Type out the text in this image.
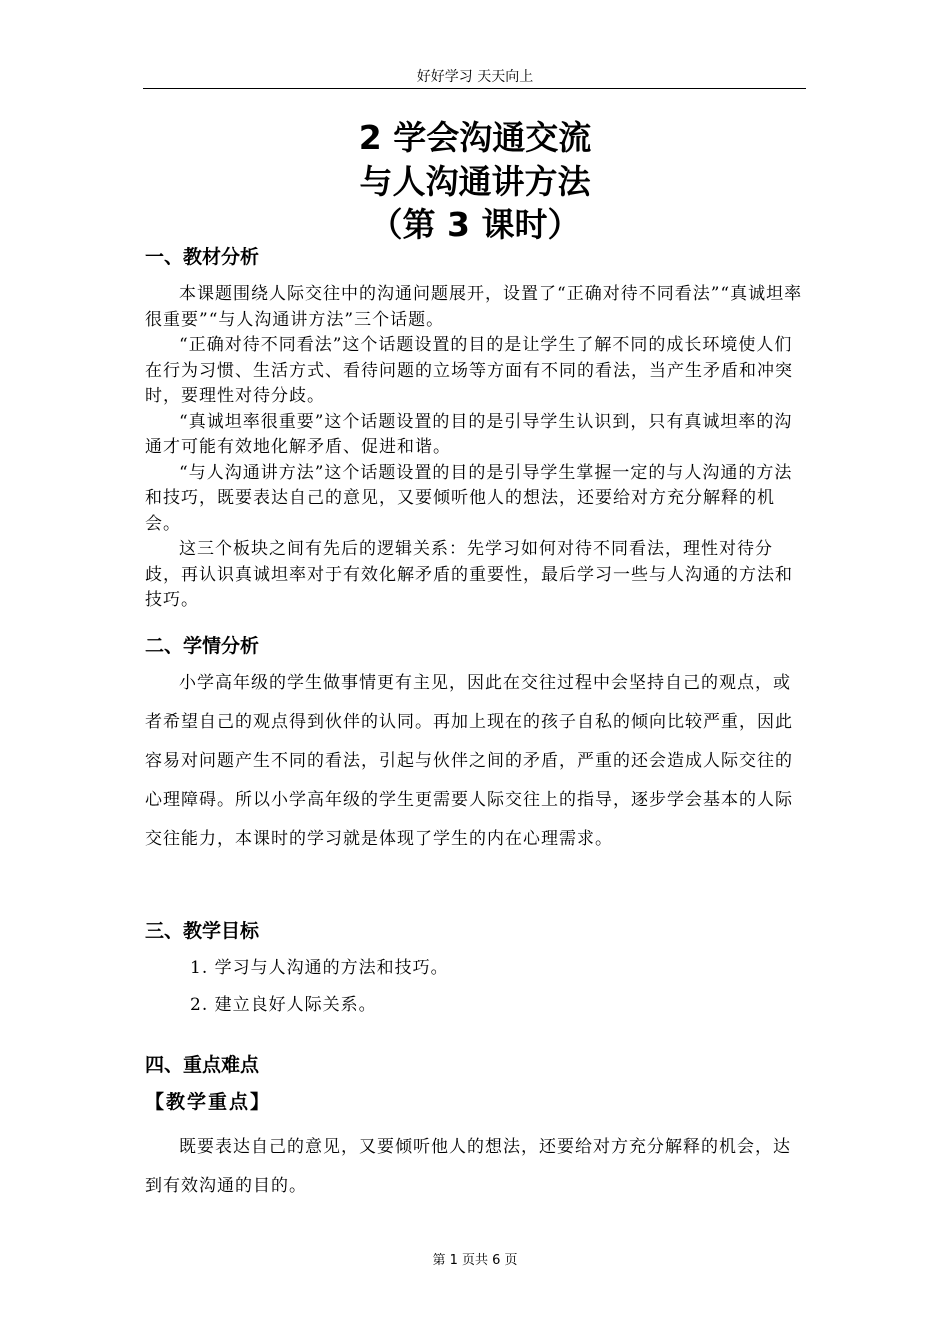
好好学习 天天向上
2 学会沟通交流
与人沟通讲方法
（第 3 课时）
一、教材分析

本课题围绕人际交往中的沟通问题展开，设置了“正确对待不同看法”“真诚坦率很重要”“与人沟通讲方法”三个话题。

“正确对待不同看法”这个话题设置的目的是让学生了解不同的成长环境使人们在行为习惯、生活方式、看待问题的立场等方面有不同的看法，当产生矛盾和冲突时，要理性对待分歧。

“真诚坦率很重要”这个话题设置的目的是引导学生认识到，只有真诚坦率的沟通才可能有效地化解矛盾、促进和谐。

“与人沟通讲方法”这个话题设置的目的是引导学生掌握一定的与人沟通的方法和技巧，既要表达自己的意见，又要倾听他人的想法，还要给对方充分解释的机会。

这三个板块之间有先后的逻辑关系：先学习如何对待不同看法，理性对待分歧，再认识真诚坦率对于有效化解矛盾的重要性，最后学习一些与人沟通的方法和技巧。

二、学情分析

小学高年级的学生做事情更有主见，因此在交往过程中会坚持自己的观点，或者希望自己的观点得到伙伴的认同。再加上现在的孩子自私的倾向比较严重，因此容易对问题产生不同的看法，引起与伙伴之间的矛盾，严重的还会造成人际交往的心理障碍。所以小学高年级的学生更需要人际交往上的指导，逐步学会基本的人际交往能力，本课时的学习就是体现了学生的内在心理需求。

三、教学目标
1. 学习与人沟通的方法和技巧。
2. 建立良好人际关系。
四、重点难点
【教学重点】

既要表达自己的意见，又要倾听他人的想法，还要给对方充分解释的机会，达到有效沟通的目的。

第 1 页共 6 页
